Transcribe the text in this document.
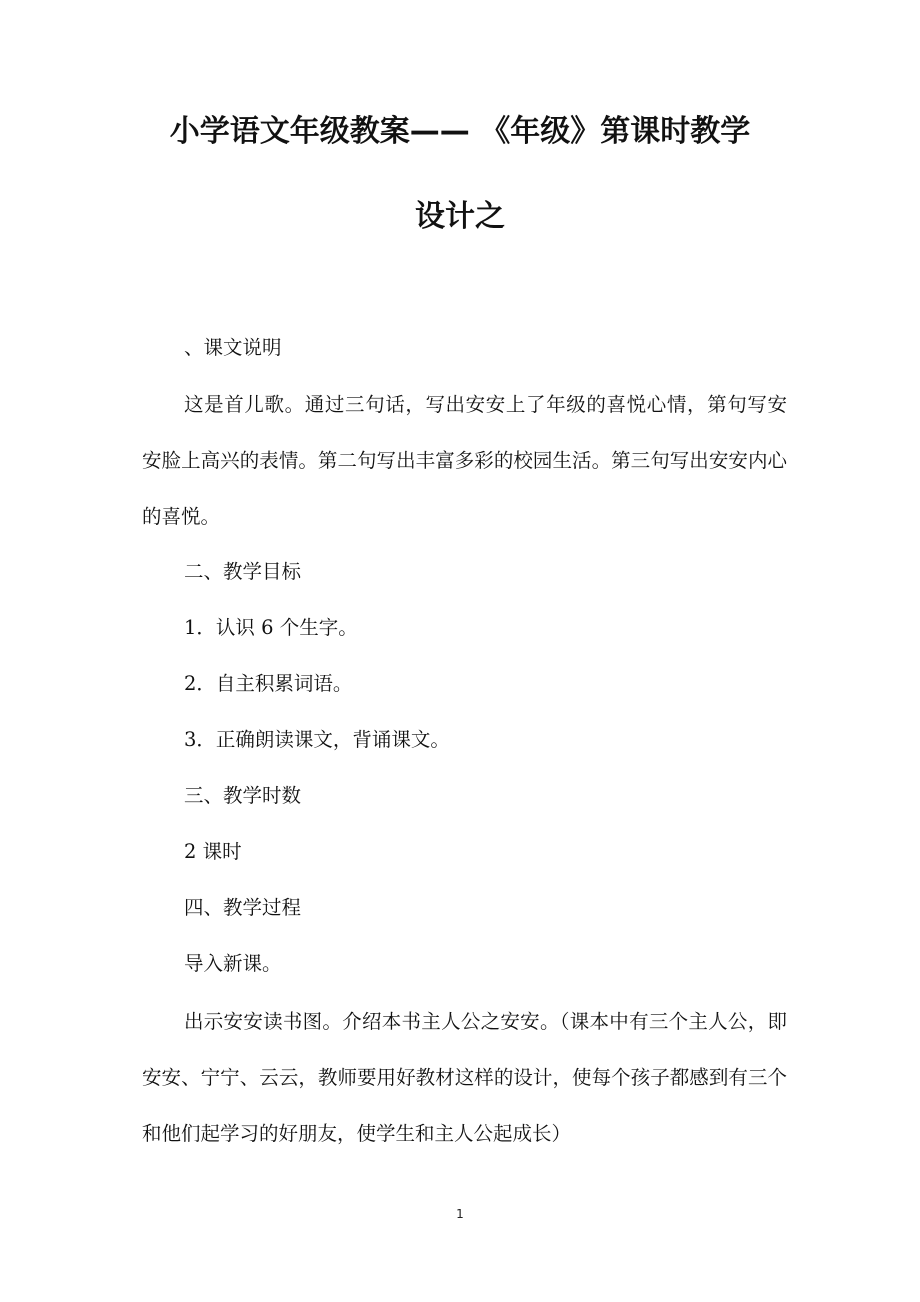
小学语文年级教案—— 《年级》第课时教学
设计之
、课文说明
这是首儿歌。通过三句话，写出安安上了年级的喜悦心情，第句写安安脸上高兴的表情。第二句写出丰富多彩的校园生活。第三句写出安安内心的喜悦。
二、教学目标
1．认识 6 个生字。
2．自主积累词语。
3．正确朗读课文，背诵课文。
三、教学时数
2 课时
四、教学过程
导入新课。
出示安安读书图。介绍本书主人公之安安。（课本中有三个主人公，即安安、宁宁、云云，教师要用好教材这样的设计，使每个孩子都感到有三个和他们起学习的好朋友，使学生和主人公起成长）
1
